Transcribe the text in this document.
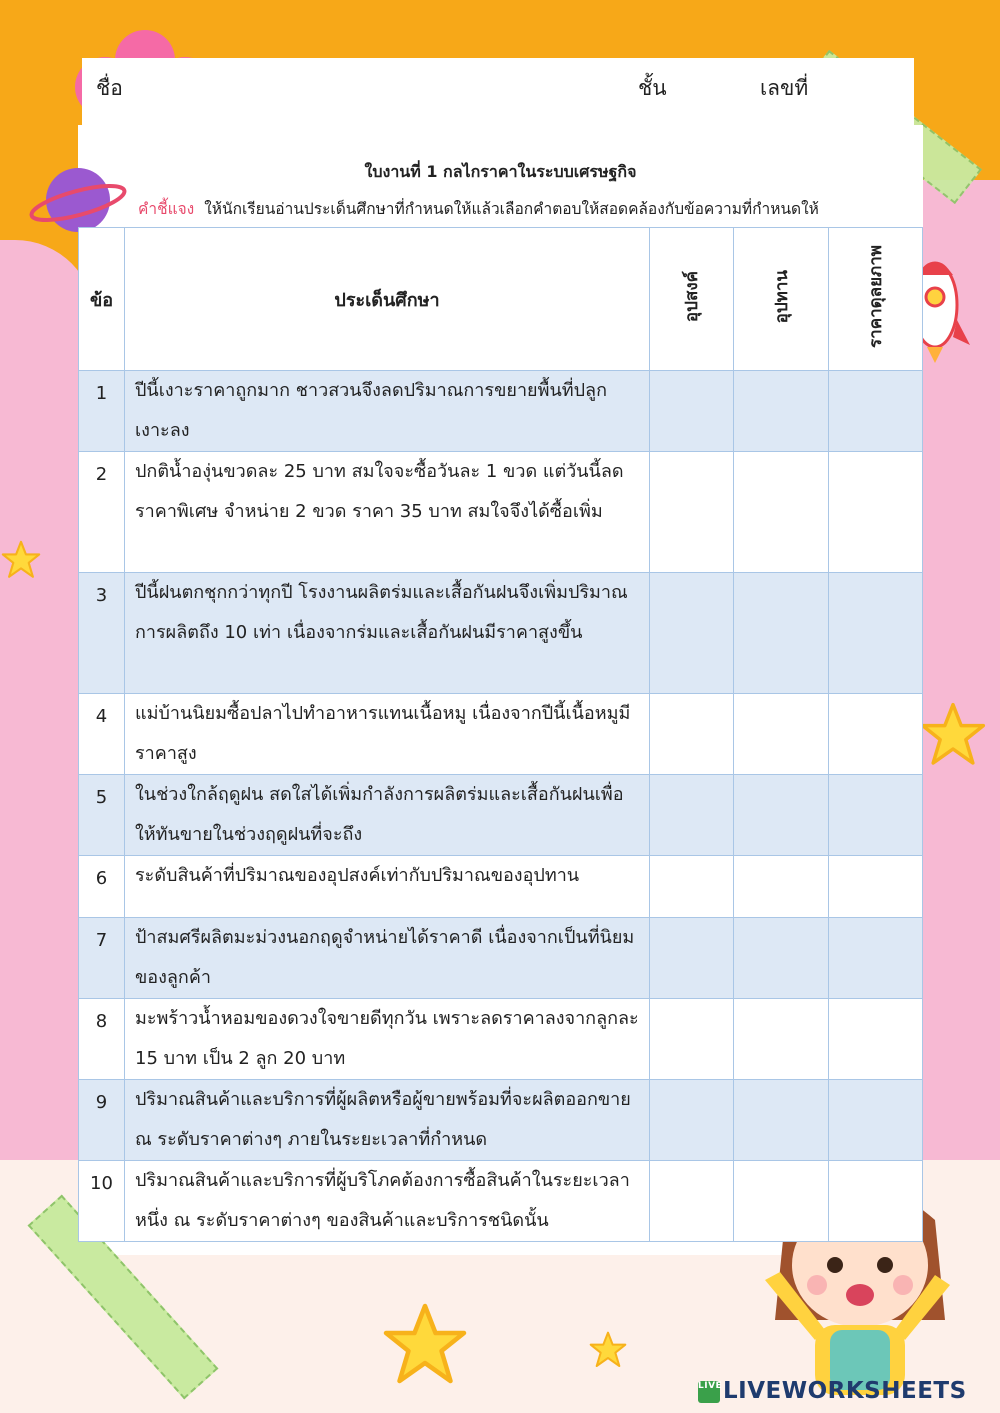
ชื่อ	ชั้น	เลขที่
ใบงานที่ 1 กลไกราคาในระบบเศรษฐกิจ
คำชี้แจง ให้นักเรียนอ่านประเด็นศึกษาที่กำหนดให้แล้วเลือกคำตอบให้สอดคล้องกับข้อความที่กำหนดให้
ข้อ	ประเด็นศึกษา	อุปสงค์	อุปทาน	ราคาดุลยภาพ
1	ปีนี้เงาะราคาถูกมาก ชาวสวนจึงลดปริมาณการขยายพื้นที่ปลูกเงาะลง			
2	ปกติน้ำองุ่นขวดละ 25 บาท สมใจจะซื้อวันละ 1 ขวด แต่วันนี้ลดราคาพิเศษ จำหน่าย 2 ขวด ราคา 35 บาท สมใจจึงได้ซื้อเพิ่ม			
3	ปีนี้ฝนตกชุกกว่าทุกปี โรงงานผลิตร่มและเสื้อกันฝนจึงเพิ่มปริมาณการผลิตถึง 10 เท่า เนื่องจากร่มและเสื้อกันฝนมีราคาสูงขึ้น			
4	แม่บ้านนิยมซื้อปลาไปทำอาหารแทนเนื้อหมู เนื่องจากปีนี้เนื้อหมูมีราคาสูง			
5	ในช่วงใกล้ฤดูฝน สดใสได้เพิ่มกำลังการผลิตร่มและเสื้อกันฝนเพื่อให้ทันขายในช่วงฤดูฝนที่จะถึง			
6	ระดับสินค้าที่ปริมาณของอุปสงค์เท่ากับปริมาณของอุปทาน			
7	ป้าสมศรีผลิตมะม่วงนอกฤดูจำหน่ายได้ราคาดี เนื่องจากเป็นที่นิยมของลูกค้า			
8	มะพร้าวน้ำหอมของดวงใจขายดีทุกวัน เพราะลดราคาลงจากลูกละ 15 บาท เป็น 2 ลูก 20 บาท			
9	ปริมาณสินค้าและบริการที่ผู้ผลิตหรือผู้ขายพร้อมที่จะผลิตออกขาย ณ ระดับราคาต่างๆ ภายในระยะเวลาที่กำหนด			
10	ปริมาณสินค้าและบริการที่ผู้บริโภคต้องการซื้อสินค้าในระยะเวลาหนึ่ง ณ ระดับราคาต่างๆ ของสินค้าและบริการชนิดนั้น			
LIVELIVEWORKSHEETS
